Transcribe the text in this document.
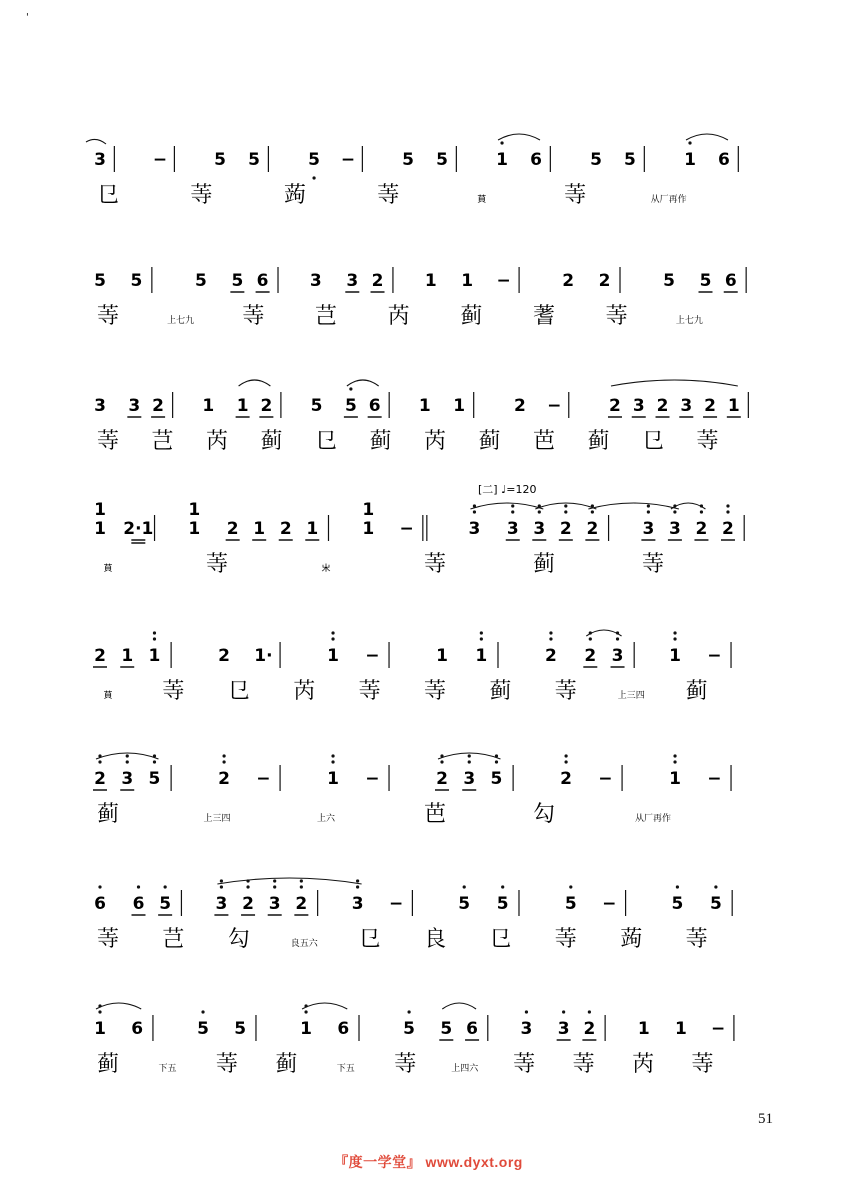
3	−	5 5	5 −	5 5	1 6	5 5	1 6
㔾	䓁	蒟	䓁	𦮷	䓁	从厂再作
5 5	5 5 6 3 3 2 1 1 −	2 2	5 5 6
䓁	上七九 䓁 芑 芮 蓟 蓍 䓁	上七九
3 3 2 1 1 2 5 5 6 1 1	2 −	2 3 2 3 2 1
䓁 芑 芮 蓟 㔾 蓟 芮 蓟 芭 蓟 㔾 䓁
1
1
2·1 1
1
2 1 2 1	1
1
−	3 3 3 2 2	3 3 2 2
𦮷	䓁	𣎵	䓁	蓟	䓁
2 1 1	2 1·	1 −	1 1	2 2 3	1 −
𦮷 䓁 㔾 芮 䓁 䓁 蓟 䓁	上三四 蓟
2 3 5	2 −	1 −	2 3 5	2 −	1 −
蓟	上三四	上六	芭	勾	从厂再作
6 6 5	3 2 3 2	3 −	5 5	5 −	5 5
䓁 芑 勾	良五六 㔾 良 㔾 䓁 蒟 䓁
1 6	5 5	1 6	5 5 6	3 3 2	1 1 −
蓟	下五 䓁 蓟	下五 䓁	上四六 䓁 䓁 芮 䓁
[二] ♩=120
'
51
『度一学堂』 www.dyxt.org
